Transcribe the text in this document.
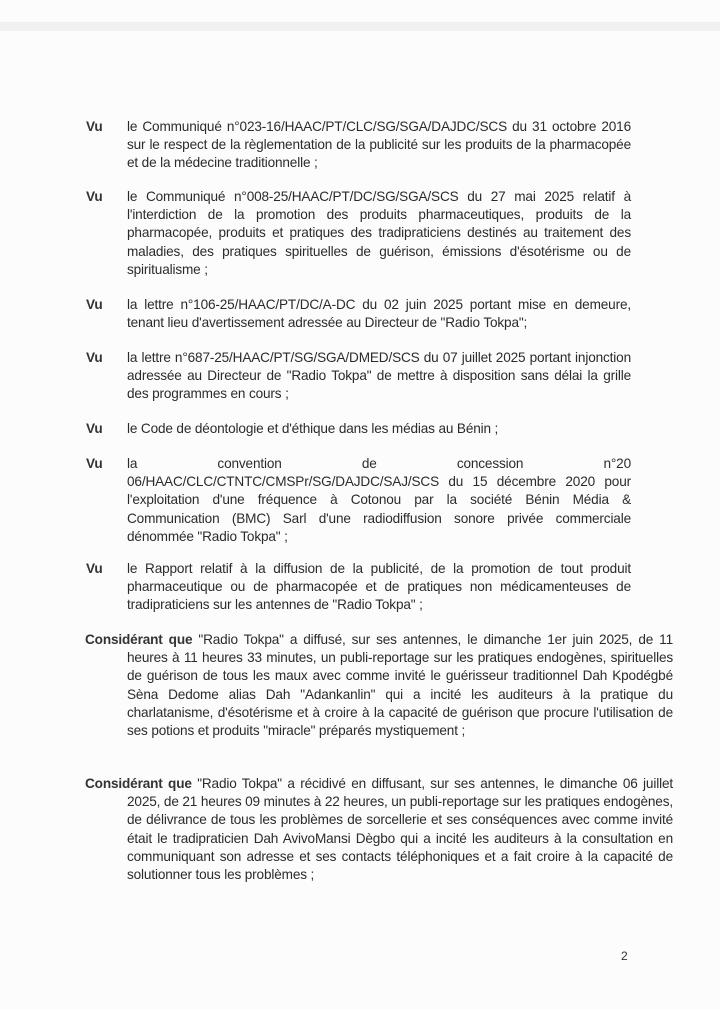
Vu le Communiqué n°023-16/HAAC/PT/CLC/SG/SGA/DAJDC/SCS du 31 octobre 2016 sur le respect de la règlementation de la publicité sur les produits de la pharmacopée et de la médecine traditionnelle ;
Vu le Communiqué n°008-25/HAAC/PT/DC/SG/SGA/SCS du 27 mai 2025 relatif à l'interdiction de la promotion des produits pharmaceutiques, produits de la pharmacopée, produits et pratiques des tradipraticiens destinés au traitement des maladies, des pratiques spirituelles de guérison, émissions d'ésotérisme ou de spiritualisme ;
Vu la lettre n°106-25/HAAC/PT/DC/A-DC du 02 juin 2025 portant mise en demeure, tenant lieu d'avertissement adressée au Directeur de "Radio Tokpa";
Vu la lettre n°687-25/HAAC/PT/SG/SGA/DMED/SCS du 07 juillet 2025 portant injonction adressée au Directeur de "Radio Tokpa" de mettre à disposition sans délai la grille des programmes en cours ;
Vu le Code de déontologie et d'éthique dans les médias au Bénin ;
Vu la convention de concession n°20 06/HAAC/CLC/CTNTC/CMSPr/SG/DAJDC/SAJ/SCS du 15 décembre 2020 pour l'exploitation d'une fréquence à Cotonou par la société Bénin Média & Communication (BMC) Sarl d'une radiodiffusion sonore privée commerciale dénommée "Radio Tokpa" ;
Vu le Rapport relatif à la diffusion de la publicité, de la promotion de tout produit pharmaceutique ou de pharmacopée et de pratiques non médicamenteuses de tradipraticiens sur les antennes de "Radio Tokpa" ;
Considérant que "Radio Tokpa" a diffusé, sur ses antennes, le dimanche 1er juin 2025, de 11 heures à 11 heures 33 minutes, un publi-reportage sur les pratiques endogènes, spirituelles de guérison de tous les maux avec comme invité le guérisseur traditionnel Dah Kpodégbé Sèna Dedome alias Dah "Adankanlin" qui a incité les auditeurs à la pratique du charlatanisme, d'ésotérisme et à croire à la capacité de guérison que procure l'utilisation de ses potions et produits "miracle" préparés mystiquement ;
Considérant que "Radio Tokpa" a récidivé en diffusant, sur ses antennes, le dimanche 06 juillet 2025, de 21 heures 09 minutes à 22 heures, un publi-reportage sur les pratiques endogènes, de délivrance de tous les problèmes de sorcellerie et ses conséquences avec comme invité était le tradipraticien Dah AvivoMansi Dègbo qui a incité les auditeurs à la consultation en communiquant son adresse et ses contacts téléphoniques et a fait croire à la capacité de solutionner tous les problèmes ;
2
